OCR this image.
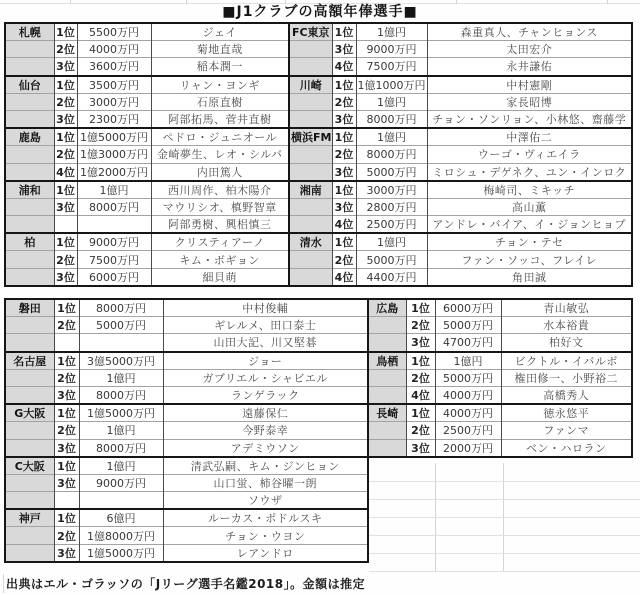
■J1クラブの高額年俸選手■
札幌	1位	5500万円	ジェイ
	2位	4000万円	菊地直哉
	3位	3600万円	稲本潤一
仙台	1位	3500万円	リャン・ヨンギ
	2位	3000万円	石原直樹
	3位	2300万円	阿部拓馬、菅井直樹
鹿島	1位	1億5000万円	ペドロ・ジュニオール
	2位	1億3000万円	金崎夢生、レオ・シルバ
	4位	1億2000万円	内田篤人
浦和	1位	1億円	西川周作、柏木陽介
	3位	8000万円	マウリシオ、槙野智章
			阿部勇樹、興梠慎三
柏	1位	9000万円	クリスティアーノ
	2位	7500万円	キム・ボギョン
	3位	6000万円	細貝萌
FC東京	1位	1億円	森重真人、チャンヒョンス
	3位	9000万円	太田宏介
	4位	7500万円	永井謙佑
川崎	1位	1億1000万円	中村憲剛
	2位	1億円	家長昭博
	3位	8000万円	チョン・ソンリョン、小林悠、齋藤学
横浜FM	1位	1億円	中澤佑二
	2位	8000万円	ウーゴ・ヴィエイラ
	3位	5000万円	ミロシュ・デゲネク、ユン・インロク
湘南	1位	3000万円	梅崎司、ミキッチ
	3位	2800万円	高山薫
	4位	2500万円	アンドレ・バイア、イ・ジョンヒョプ
清水	1位	1億円	チョン・テセ
	2位	5000万円	ファン・ソッコ、フレイレ
	4位	4400万円	角田誠
磐田	1位	8000万円	中村俊輔
	2位	5000万円	ギレルメ、田口泰士
			山田大記、川又堅碁
名古屋	1位	3億5000万円	ジョー
	2位	1億円	ガブリエル・シャビエル
	3位	8000万円	ランゲラック
G大阪	1位	1億5000万円	遠藤保仁
	2位	1億円	今野泰幸
	3位	8000万円	アデミウソン
C大阪	1位	1億円	清武弘嗣、キム・ジンヒョン
	3位	9000万円	山口蛍、柿谷曜一朗
			ソウザ
神戸	1位	6億円	ルーカス・ポドルスキ
	2位	1億8000万円	チョン・ウヨン
	3位	1億5000万円	レアンドロ
広島	1位	6000万円	青山敏弘
	2位	5000万円	水本裕貴
	3位	4700万円	柏好文
鳥栖	1位	1億円	ビクトル・イバルボ
	2位	5000万円	権田修一、小野裕二
	4位	4000万円	高橋秀人
長崎	1位	4000万円	徳永悠平
	2位	2500万円	ファンマ
	3位	2000万円	ベン・ハロラン
出典はエル・ゴラッソの「Jリーグ選手名鑑2018」。金額は推定
